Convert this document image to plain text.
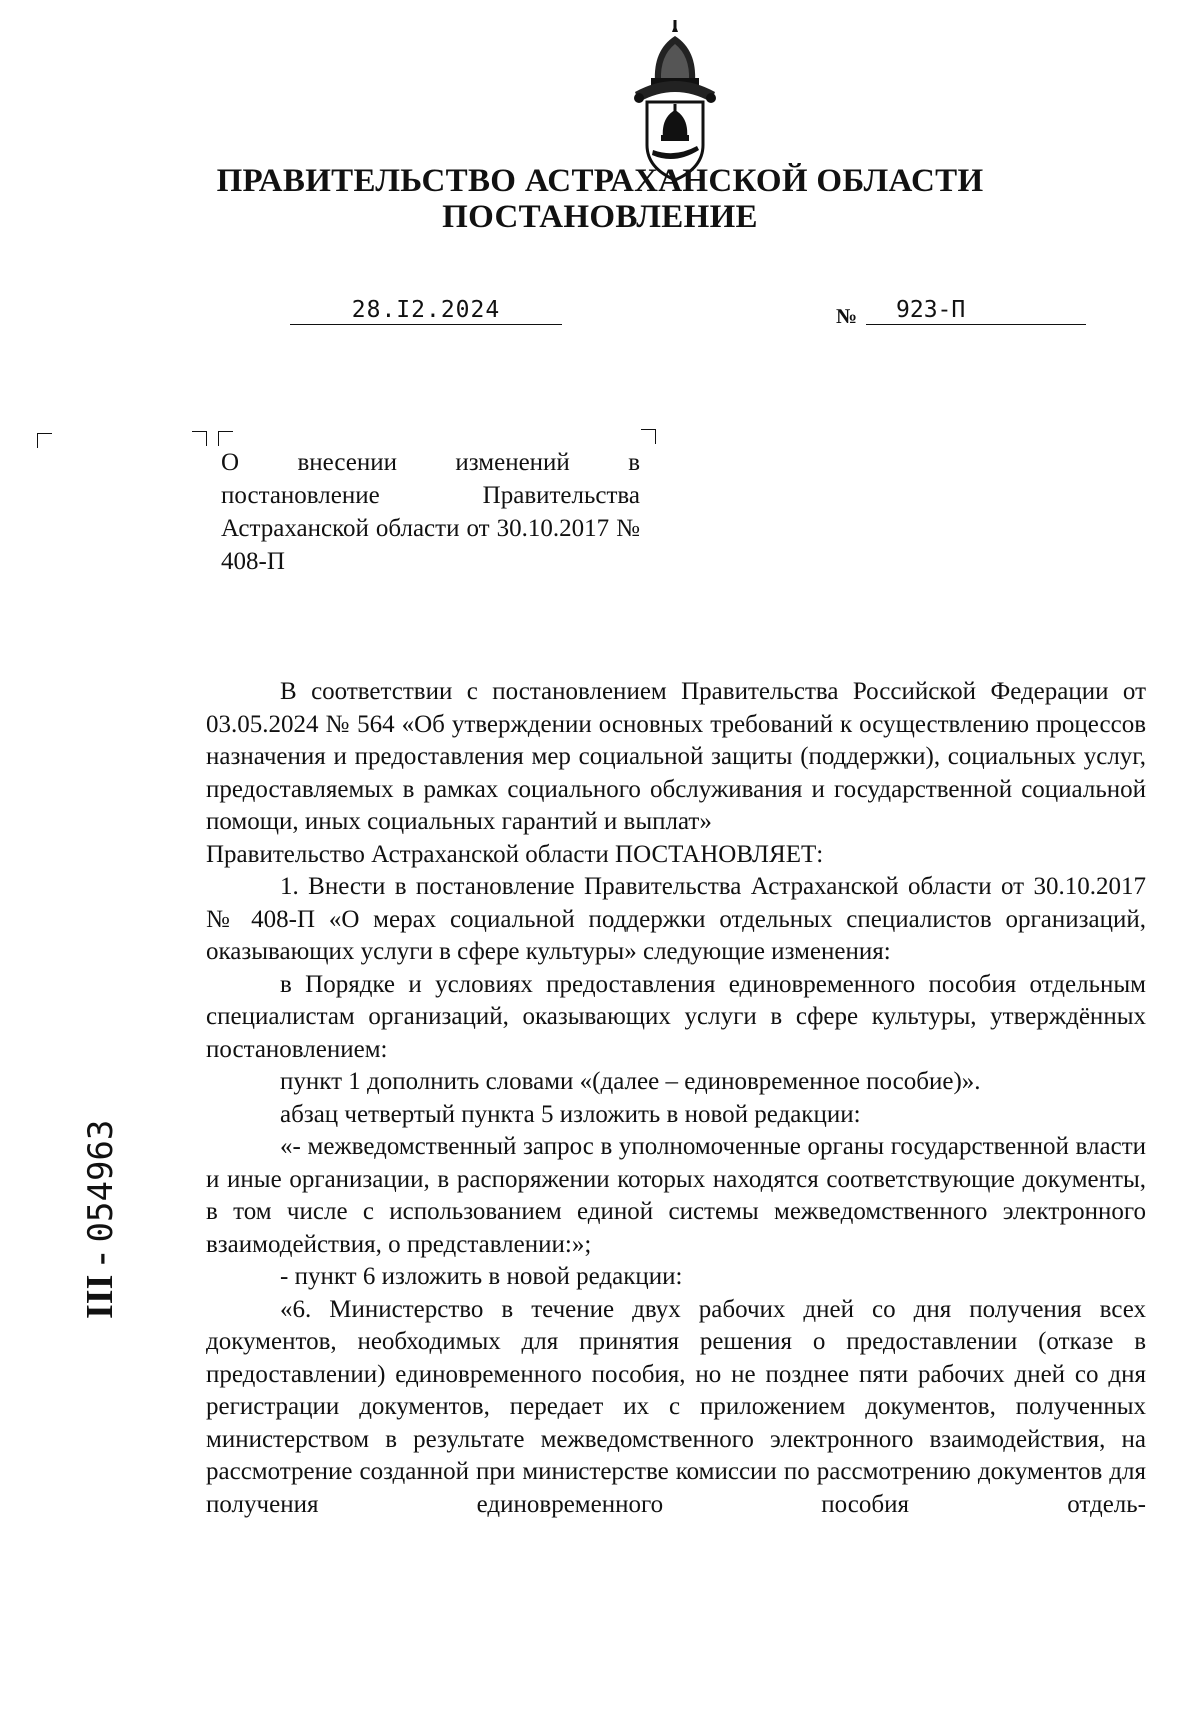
ПРАВИТЕЛЬСТВО АСТРАХАНСКОЙ ОБЛАСТИ
ПОСТАНОВЛЕНИЕ
28.I2.2024	№	923-П
О внесении изменений в постановление Правительства Астраханской области от 30.10.2017 № 408-П

В соответствии с постановлением Правительства Российской Федерации от 03.05.2024 № 564 «Об утверждении основных требований к осуществлению процессов назначения и предоставления мер социальной защиты (поддержки), социальных услуг, предоставляемых в рамках социального обслуживания и государственной социальной помощи, иных социальных гарантий и выплат»

Правительство Астраханской области ПОСТАНОВЛЯЕТ:

1. Внести в постановление Правительства Астраханской области от 30.10.2017 № 408-П «О мерах социальной поддержки отдельных специалистов организаций, оказывающих услуги в сфере культуры» следующие изменения:

в Порядке и условиях предоставления единовременного пособия отдельным специалистам организаций, оказывающих услуги в сфере культуры, утверждённых постановлением:

пункт 1 дополнить словами «(далее – единовременное пособие)».

абзац четвертый пункта 5 изложить в новой редакции:

«- межведомственный запрос в уполномоченные органы государственной власти и иные организации, в распоряжении которых находятся соответствующие документы, в том числе с использованием единой системы межведомственного электронного взаимодействия, о представлении:»;

- пункт 6 изложить в новой редакции:

«6. Министерство в течение двух рабочих дней со дня получения всех документов, необходимых для принятия решения о предоставлении (отказе в предоставлении) единовременного пособия, но не позднее пяти рабочих дней со дня регистрации документов, передает их с приложением документов, полученных министерством в результате межведомственного электронного взаимодействия, на рассмотрение созданной при министерстве комиссии по рассмотрению документов для получения единовременного пособия отдель-

ІІІ -054963
